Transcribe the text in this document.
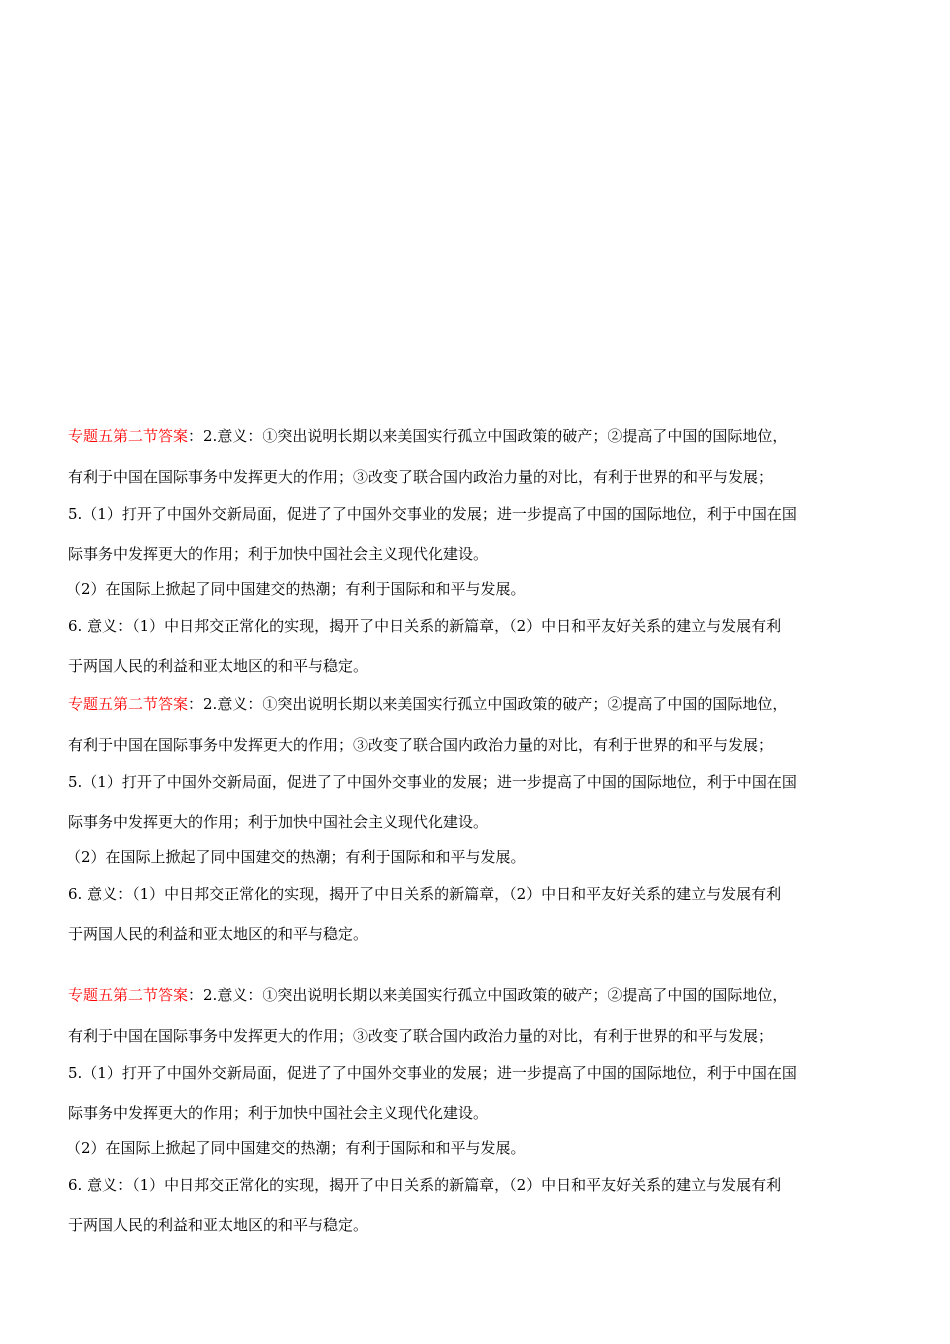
专题五第二节答案：2.意义：①突出说明长期以来美国实行孤立中国政策的破产；②提高了中国的国际地位，
有利于中国在国际事务中发挥更大的作用；③改变了联合国内政治力量的对比，有利于世界的和平与发展；
5.（1）打开了中国外交新局面，促进了了中国外交事业的发展；进一步提高了中国的国际地位，利于中国在国
际事务中发挥更大的作用；利于加快中国社会主义现代化建设。
（2）在国际上掀起了同中国建交的热潮；有利于国际和和平与发展。
6. 意义：（1）中日邦交正常化的实现，揭开了中日关系的新篇章，（2）中日和平友好关系的建立与发展有利
于两国人民的利益和亚太地区的和平与稳定。
专题五第二节答案：2.意义：①突出说明长期以来美国实行孤立中国政策的破产；②提高了中国的国际地位，
有利于中国在国际事务中发挥更大的作用；③改变了联合国内政治力量的对比，有利于世界的和平与发展；
5.（1）打开了中国外交新局面，促进了了中国外交事业的发展；进一步提高了中国的国际地位，利于中国在国
际事务中发挥更大的作用；利于加快中国社会主义现代化建设。
（2）在国际上掀起了同中国建交的热潮；有利于国际和和平与发展。
6. 意义：（1）中日邦交正常化的实现，揭开了中日关系的新篇章，（2）中日和平友好关系的建立与发展有利
于两国人民的利益和亚太地区的和平与稳定。
专题五第二节答案：2.意义：①突出说明长期以来美国实行孤立中国政策的破产；②提高了中国的国际地位，
有利于中国在国际事务中发挥更大的作用；③改变了联合国内政治力量的对比，有利于世界的和平与发展；
5.（1）打开了中国外交新局面，促进了了中国外交事业的发展；进一步提高了中国的国际地位，利于中国在国
际事务中发挥更大的作用；利于加快中国社会主义现代化建设。
（2）在国际上掀起了同中国建交的热潮；有利于国际和和平与发展。
6. 意义：（1）中日邦交正常化的实现，揭开了中日关系的新篇章，（2）中日和平友好关系的建立与发展有利
于两国人民的利益和亚太地区的和平与稳定。
